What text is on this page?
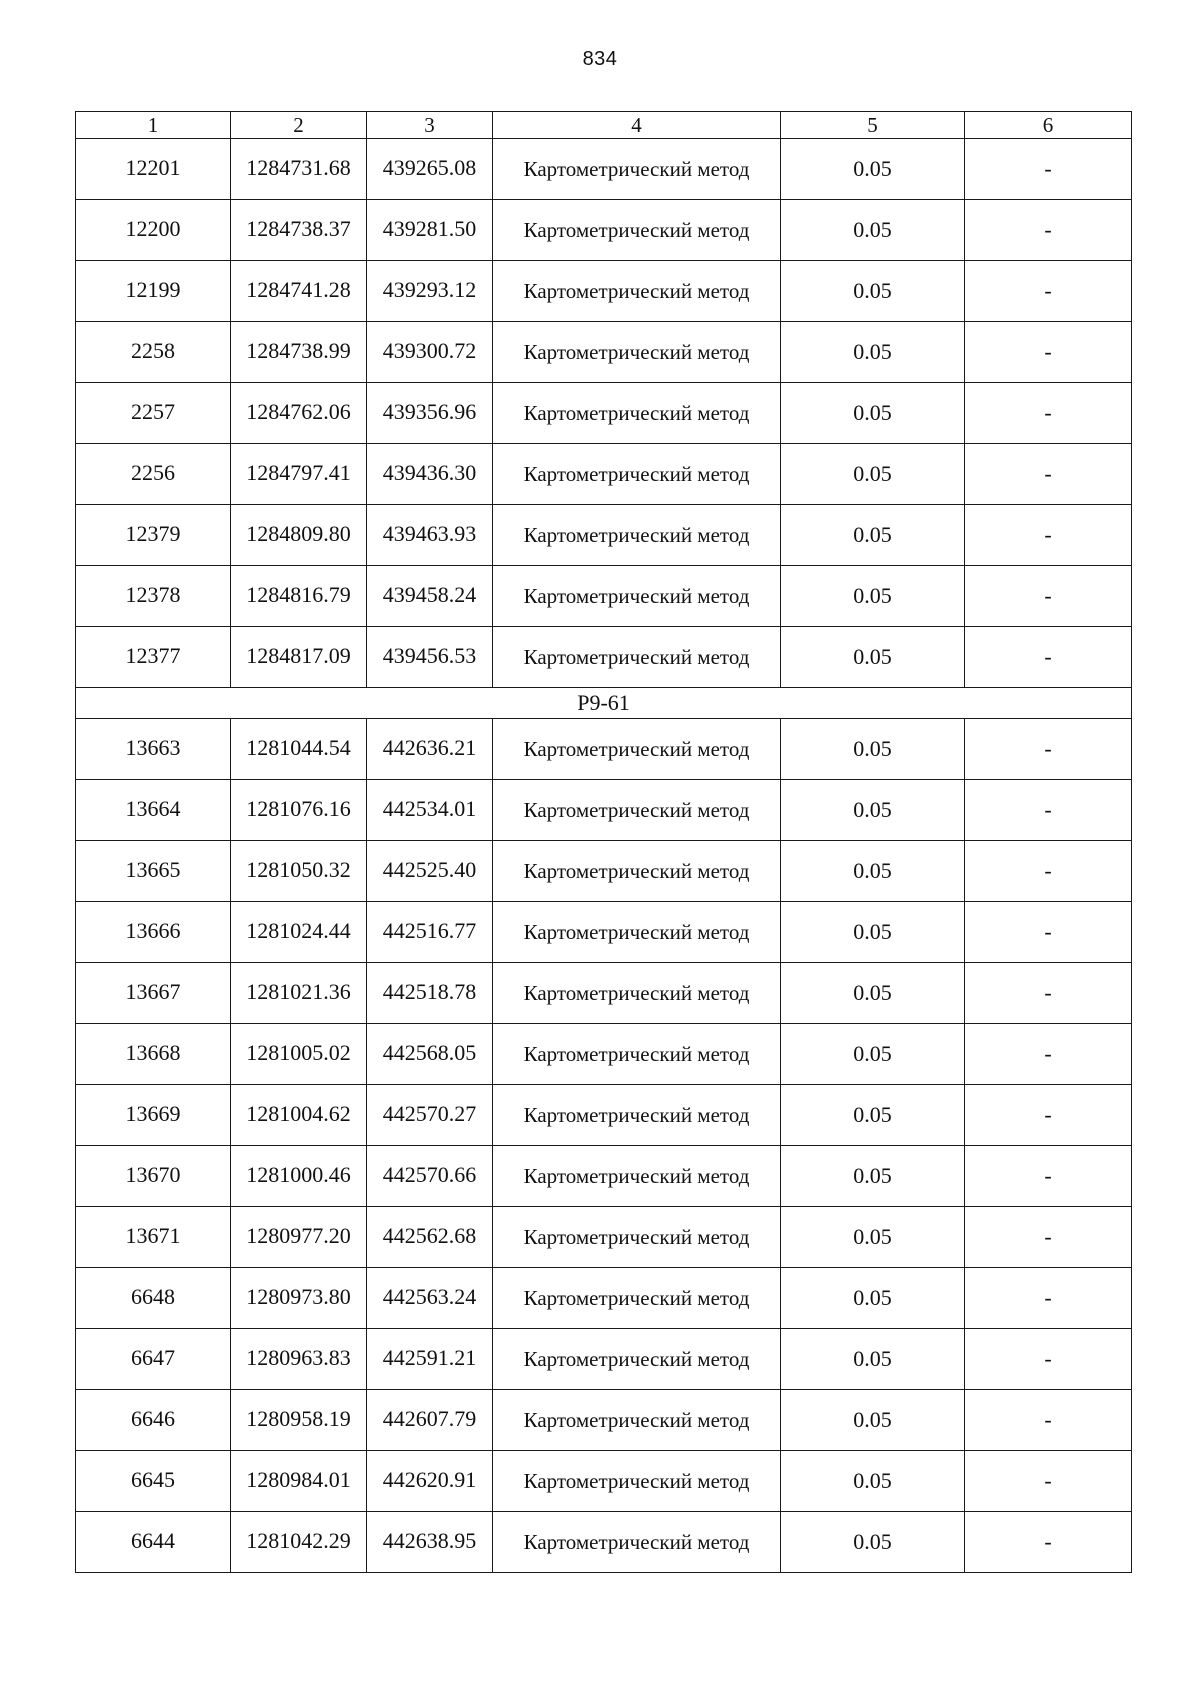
834
1	2	3	4	5	6
12201	1284731.68	439265.08	Картометрический метод	0.05	-
12200	1284738.37	439281.50	Картометрический метод	0.05	-
12199	1284741.28	439293.12	Картометрический метод	0.05	-
2258	1284738.99	439300.72	Картометрический метод	0.05	-
2257	1284762.06	439356.96	Картометрический метод	0.05	-
2256	1284797.41	439436.30	Картометрический метод	0.05	-
12379	1284809.80	439463.93	Картометрический метод	0.05	-
12378	1284816.79	439458.24	Картометрический метод	0.05	-
12377	1284817.09	439456.53	Картометрический метод	0.05	-
Р9-61					
13663	1281044.54	442636.21	Картометрический метод	0.05	-
13664	1281076.16	442534.01	Картометрический метод	0.05	-
13665	1281050.32	442525.40	Картометрический метод	0.05	-
13666	1281024.44	442516.77	Картометрический метод	0.05	-
13667	1281021.36	442518.78	Картометрический метод	0.05	-
13668	1281005.02	442568.05	Картометрический метод	0.05	-
13669	1281004.62	442570.27	Картометрический метод	0.05	-
13670	1281000.46	442570.66	Картометрический метод	0.05	-
13671	1280977.20	442562.68	Картометрический метод	0.05	-
6648	1280973.80	442563.24	Картометрический метод	0.05	-
6647	1280963.83	442591.21	Картометрический метод	0.05	-
6646	1280958.19	442607.79	Картометрический метод	0.05	-
6645	1280984.01	442620.91	Картометрический метод	0.05	-
6644	1281042.29	442638.95	Картометрический метод	0.05	-
